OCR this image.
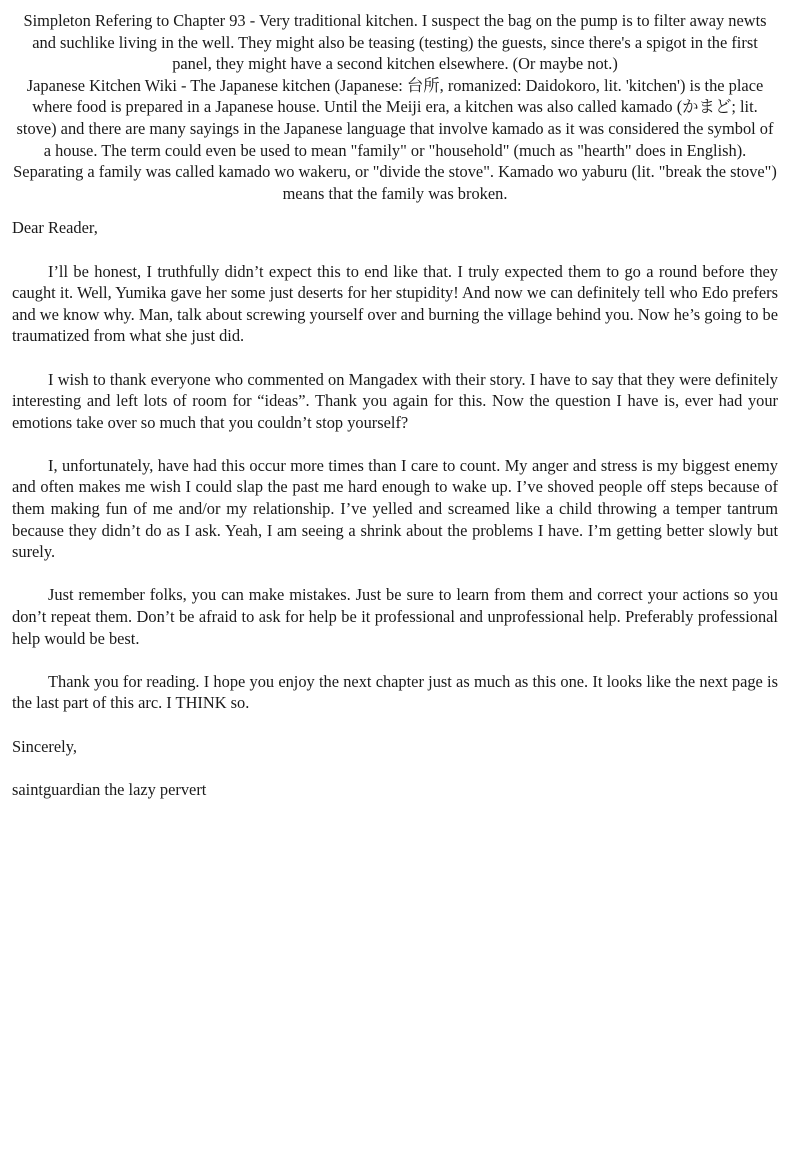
Simpleton Refering to Chapter 93 - Very traditional kitchen. I suspect the bag on the pump is to filter away newts and suchlike living in the well. They might also be teasing (testing) the guests, since there's a spigot in the first panel, they might have a second kitchen elsewhere. (Or maybe not.)

Japanese Kitchen Wiki - The Japanese kitchen (Japanese: 台所, romanized: Daidokoro, lit. 'kitchen') is the place where food is prepared in a Japanese house. Until the Meiji era, a kitchen was also called kamado (かまど; lit. stove) and there are many sayings in the Japanese language that involve kamado as it was considered the symbol of a house. The term could even be used to mean "family" or "household" (much as "hearth" does in English). Separating a family was called kamado wo wakeru, or "divide the stove". Kamado wo yaburu (lit. "break the stove") means that the family was broken.

Dear Reader,

I’ll be honest, I truthfully didn’t expect this to end like that. I truly expected them to go a round before they caught it. Well, Yumika gave her some just deserts for her stupidity! And now we can definitely tell who Edo prefers and we know why. Man, talk about screwing yourself over and burning the village behind you. Now he’s going to be traumatized from what she just did.

I wish to thank everyone who commented on Mangadex with their story. I have to say that they were definitely interesting and left lots of room for “ideas”. Thank you again for this. Now the question I have is, ever had your emotions take over so much that you couldn’t stop yourself?

I, unfortunately, have had this occur more times than I care to count. My anger and stress is my biggest enemy and often makes me wish I could slap the past me hard enough to wake up. I’ve shoved people off steps because of them making fun of me and/or my relationship. I’ve yelled and screamed like a child throwing a temper tantrum because they didn’t do as I ask. Yeah, I am seeing a shrink about the problems I have. I’m getting better slowly but surely.

Just remember folks, you can make mistakes. Just be sure to learn from them and correct your actions so you don’t repeat them. Don’t be afraid to ask for help be it professional and unprofessional help. Preferably professional help would be best.

Thank you for reading. I hope you enjoy the next chapter just as much as this one. It looks like the next page is the last part of this arc. I THINK so.

Sincerely,

saintguardian the lazy pervert
